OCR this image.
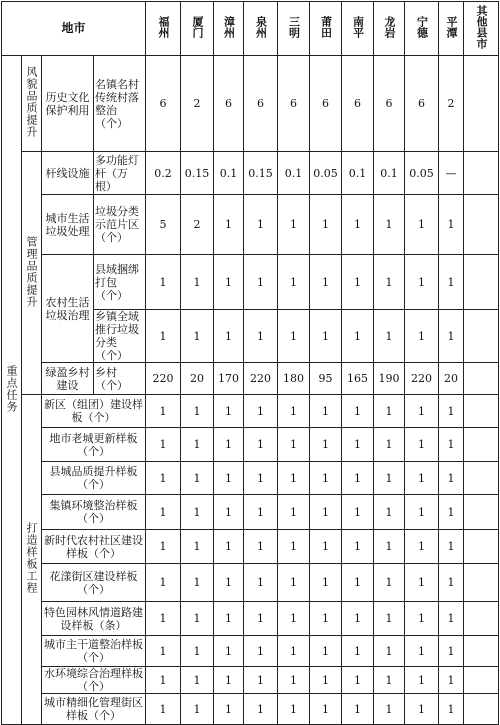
地市				福州	厦门	漳州	泉州	三明	莆田	南平	龙岩	宁德	平潭	其他县市
重点任务	风貌品质提升	历史文化保护利用	名镇名村传统村落整治（个）	6	2	6	6	6	6	6	6	6	2	
	管理品质提升	杆线设施	多功能灯杆（万根）	0.2	0.15	0.1	0.15	0.1	0.05	0.1	0.1	0.05	—	
		城市生活垃圾处理	垃圾分类示范片区（个）	5	2	1	1	1	1	1	1	1	1	
		农村生活垃圾治理	县域捆绑打包（个）	1	1	1	1	1	1	1	1	1	1	
			乡镇全域推行垃圾分类（个）	1	1	1	1	1	1	1	1	1	1	
		绿盈乡村建设	乡村（个）	220	20	170	220	180	95	165	190	220	20	
	打造样板工程	新区（组团）建设样板（个）		1	1	1	1	1	1	1	1	1	1	
		地市老城更新样板（个）		1	1	1	1	1	1	1	1	1	1	
		县城品质提升样板（个）		1	1	1	1	1	1	1	1	1	1	
		集镇环境整治样板（个）		1	1	1	1	1	1	1	1	1	1	
		新时代农村社区建设样板（个）		1	1	1	1	1	1	1	1	1	1	
		花漾街区建设样板（个）		1	1	1	1	1	1	1	1	1	1	
		特色园林风情道路建设样板（条）		1	1	1	1	1	1	1	1	1	1	
		城市主干道整治样板（个）		1	1	1	1	1	1	1	1	1	1	
		水环境综合治理样板（个）		1	1	1	1	1	1	1	1	1	1	
		城市精细化管理街区样板（个）		1	1	1	1	1	1	1	1	1	1	
